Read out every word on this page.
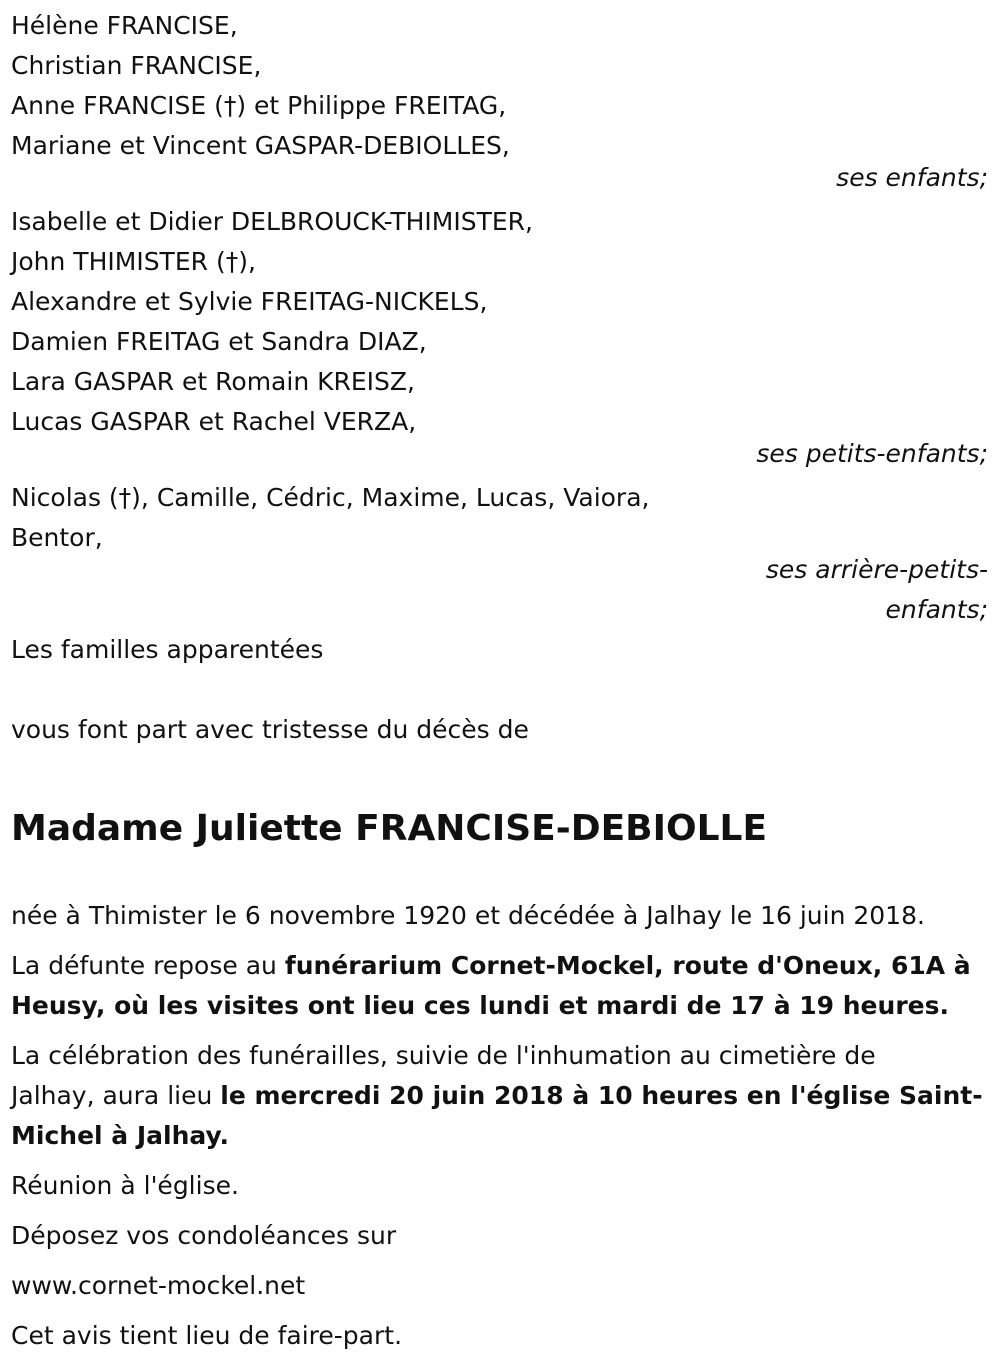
Hélène FRANCISE,

Christian FRANCISE,

Anne FRANCISE (†) et Philippe FREITAG,

Mariane et Vincent GASPAR-DEBIOLLES,

ses enfants;

Isabelle et Didier DELBROUCK-THIMISTER,

John THIMISTER (†),

Alexandre et Sylvie FREITAG-NICKELS,

Damien FREITAG et Sandra DIAZ,

Lara GASPAR et Romain KREISZ,

Lucas GASPAR et Rachel VERZA,

ses petits-enfants;

Nicolas (†), Camille, Cédric, Maxime, Lucas, Vaiora,

Bentor,

ses arrière-petits-

enfants;

Les familles apparentées

vous font part avec tristesse du décès de

Madame Juliette FRANCISE-DEBIOLLE

née à Thimister le 6 novembre 1920 et décédée à Jalhay le 16 juin 2018.

La défunte repose au funérarium Cornet-Mockel, route d'Oneux, 61A à
Heusy, où les visites ont lieu ces lundi et mardi de 17 à 19 heures.

La célébration des funérailles, suivie de l'inhumation au cimetière de
Jalhay, aura lieu le mercredi 20 juin 2018 à 10 heures en l'église Saint-
Michel à Jalhay.

Réunion à l'église.

Déposez vos condoléances sur

www.cornet-mockel.net

Cet avis tient lieu de faire-part.
